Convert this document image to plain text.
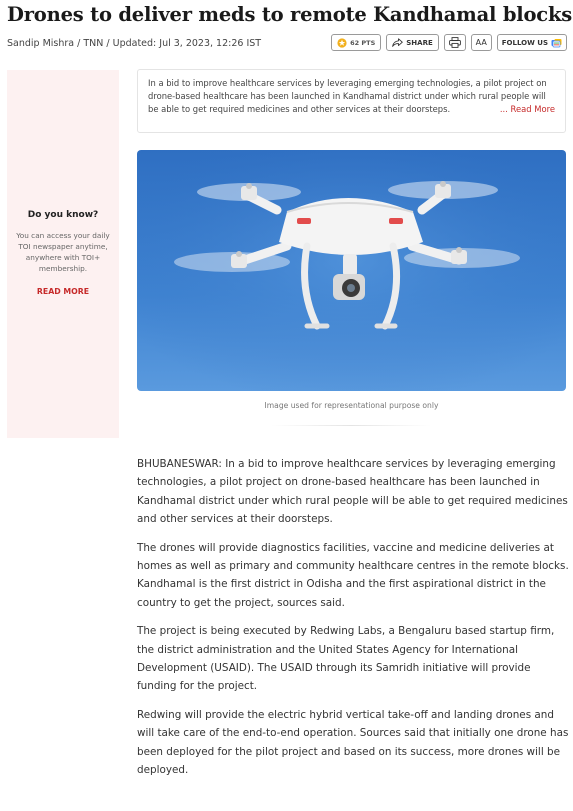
Drones to deliver meds to remote Kandhamal blocks
Sandip Mishra / TNN / Updated: Jul 3, 2023, 12:26 IST	62 PTS	SHARE	AA	FOLLOW US
Do you know?
You can access your daily TOI newspaper anytime, anywhere with TOI+ membership.
READ MORE
In a bid to improve healthcare services by leveraging emerging technologies, a pilot project on drone-based healthcare has been launched in Kandhamal district under which rural people will be able to get required medicines and other services at their doorsteps.	... Read More
Image used for representational purpose only

BHUBANESWAR: In a bid to improve healthcare services by leveraging emerging technologies, a pilot project on drone-based healthcare has been launched in Kandhamal district under which rural people will be able to get required medicines and other services at their doorsteps.

The drones will provide diagnostics facilities, vaccine and medicine deliveries at homes as well as primary and community healthcare centres in the remote blocks.

Kandhamal is the first district in Odisha and the first aspirational district in the country to get the project, sources said.

The project is being executed by Redwing Labs, a Bengaluru based startup firm, the district administration and the United States Agency for International Development (USAID). The USAID through its Samridh initiative will provide funding for the project.

Redwing will provide the electric hybrid vertical take-off and landing drones and will take care of the end-to-end operation. Sources said that initially one drone has been deployed for the pilot project and based on its success, more drones will be deployed.
